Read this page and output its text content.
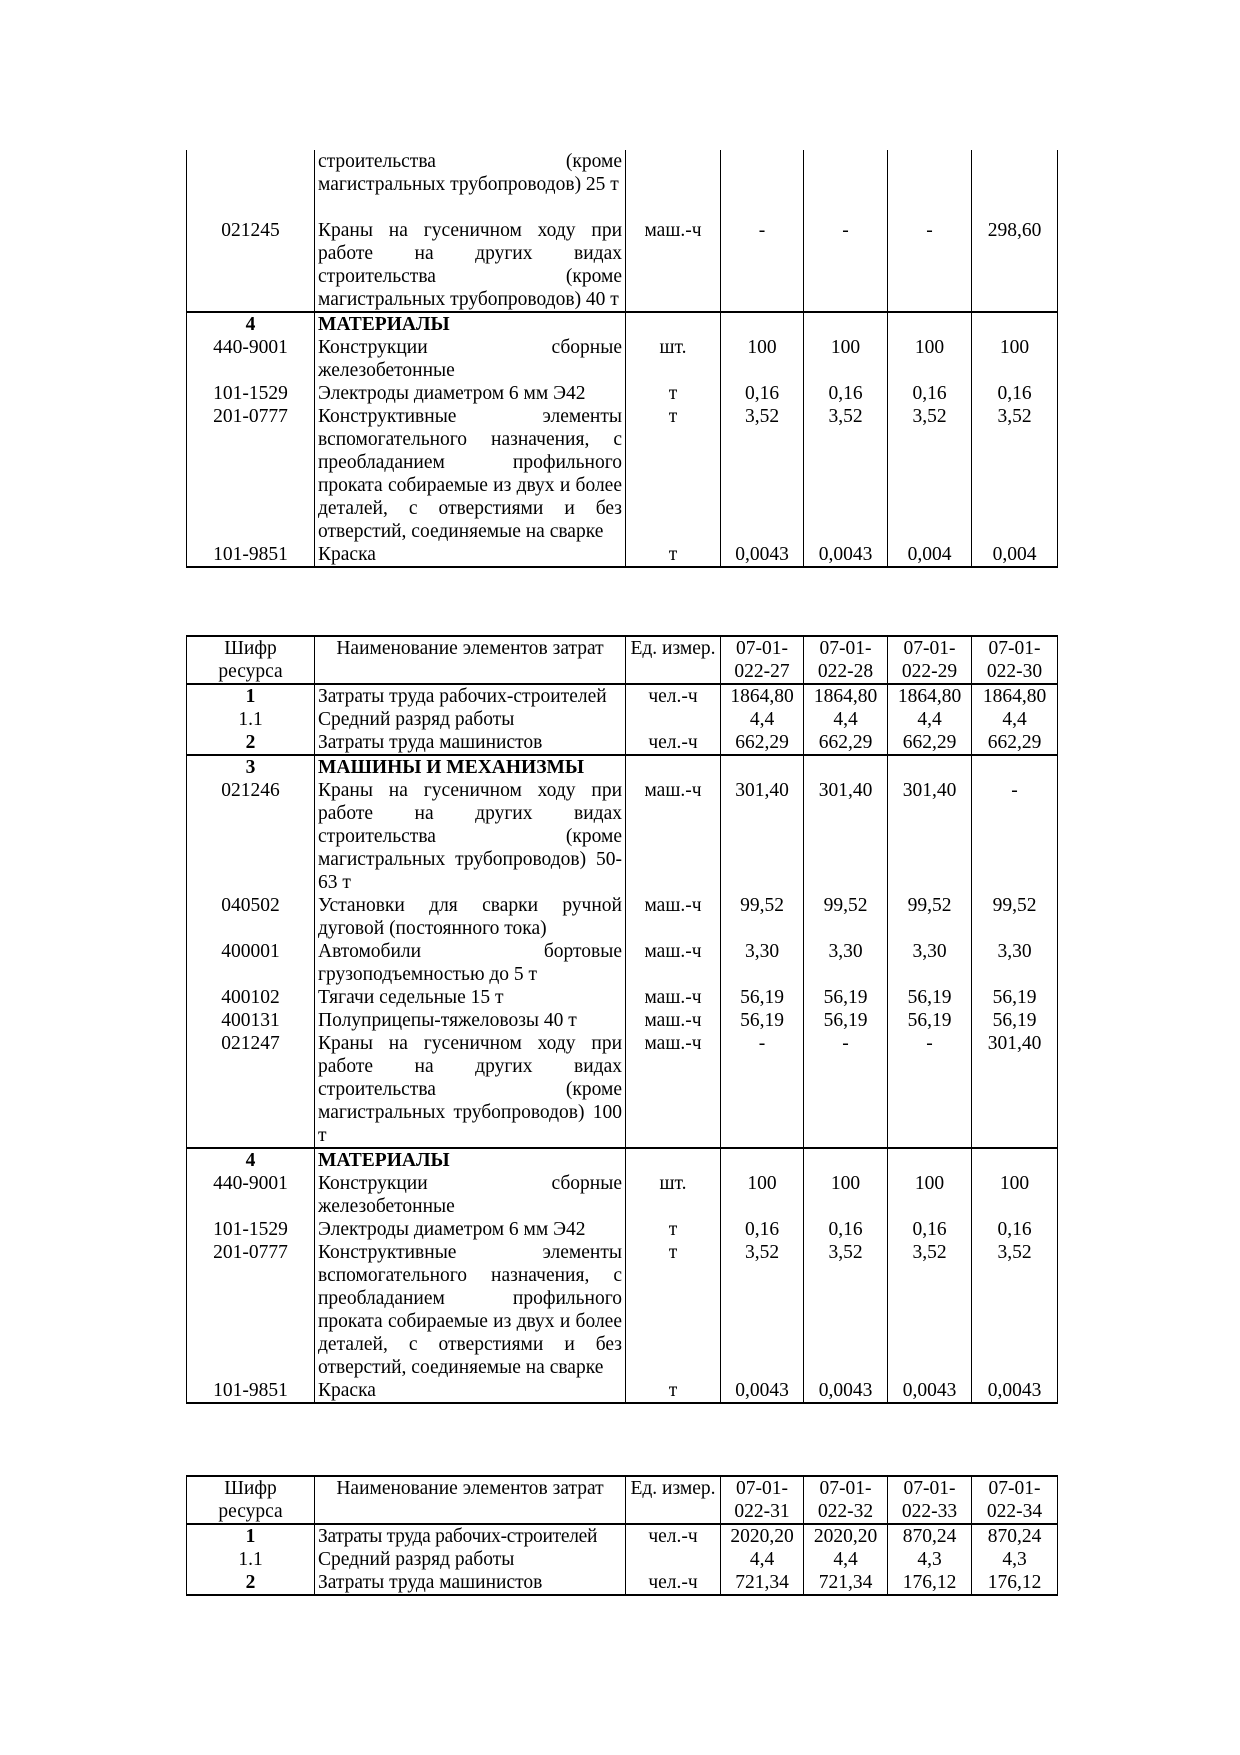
	строительства (кроме магистральных трубопроводов) 25 т					
021245	Краны на гусеничном ходу при работе на других видах строительства (кроме магистральных трубопроводов) 40 т	маш.-ч	-	-	-	298,60
4	МАТЕРИАЛЫ					
440-9001	Конструкции сборные железобетонные	шт.	100	100	100	100
101-1529	Электроды диаметром 6 мм Э42	т	0,16	0,16	0,16	0,16
201-0777	Конструктивные элементы вспомогательного назначения, с преобладанием профильного проката собираемые из двух и более деталей, с отверстиями и без отверстий, соединяемые на сварке	т	3,52	3,52	3,52	3,52
101-9851	Краска	т	0,0043	0,0043	0,004	0,004
Шифр ресурса	Наименование элементов затрат	Ед. измер.	07-01-022-27	07-01-022-28	07-01-022-29	07-01-022-30
1	Затраты труда рабочих-строителей	чел.-ч	1864,80	1864,80	1864,80	1864,80
1.1	Средний разряд работы		4,4	4,4	4,4	4,4
2	Затраты труда машинистов	чел.-ч	662,29	662,29	662,29	662,29
3	МАШИНЫ И МЕХАНИЗМЫ					
021246	Краны на гусеничном ходу при работе на других видах строительства (кроме магистральных трубопроводов) 50-63 т	маш.-ч	301,40	301,40	301,40	-
040502	Установки для сварки ручной дуговой (постоянного тока)	маш.-ч	99,52	99,52	99,52	99,52
400001	Автомобили бортовые грузоподъемностью до 5 т	маш.-ч	3,30	3,30	3,30	3,30
400102	Тягачи седельные 15 т	маш.-ч	56,19	56,19	56,19	56,19
400131	Полуприцепы-тяжеловозы 40 т	маш.-ч	56,19	56,19	56,19	56,19
021247	Краны на гусеничном ходу при работе на других видах строительства (кроме магистральных трубопроводов) 100 т	маш.-ч	-	-	-	301,40
4	МАТЕРИАЛЫ					
440-9001	Конструкции сборные железобетонные	шт.	100	100	100	100
101-1529	Электроды диаметром 6 мм Э42	т	0,16	0,16	0,16	0,16
201-0777	Конструктивные элементы вспомогательного назначения, с преобладанием профильного проката собираемые из двух и более деталей, с отверстиями и без отверстий, соединяемые на сварке	т	3,52	3,52	3,52	3,52
101-9851	Краска	т	0,0043	0,0043	0,0043	0,0043
Шифр ресурса	Наименование элементов затрат	Ед. измер.	07-01-022-31	07-01-022-32	07-01-022-33	07-01-022-34
1	Затраты труда рабочих-строителей	чел.-ч	2020,20	2020,20	870,24	870,24
1.1	Средний разряд работы		4,4	4,4	4,3	4,3
2	Затраты труда машинистов	чел.-ч	721,34	721,34	176,12	176,12
